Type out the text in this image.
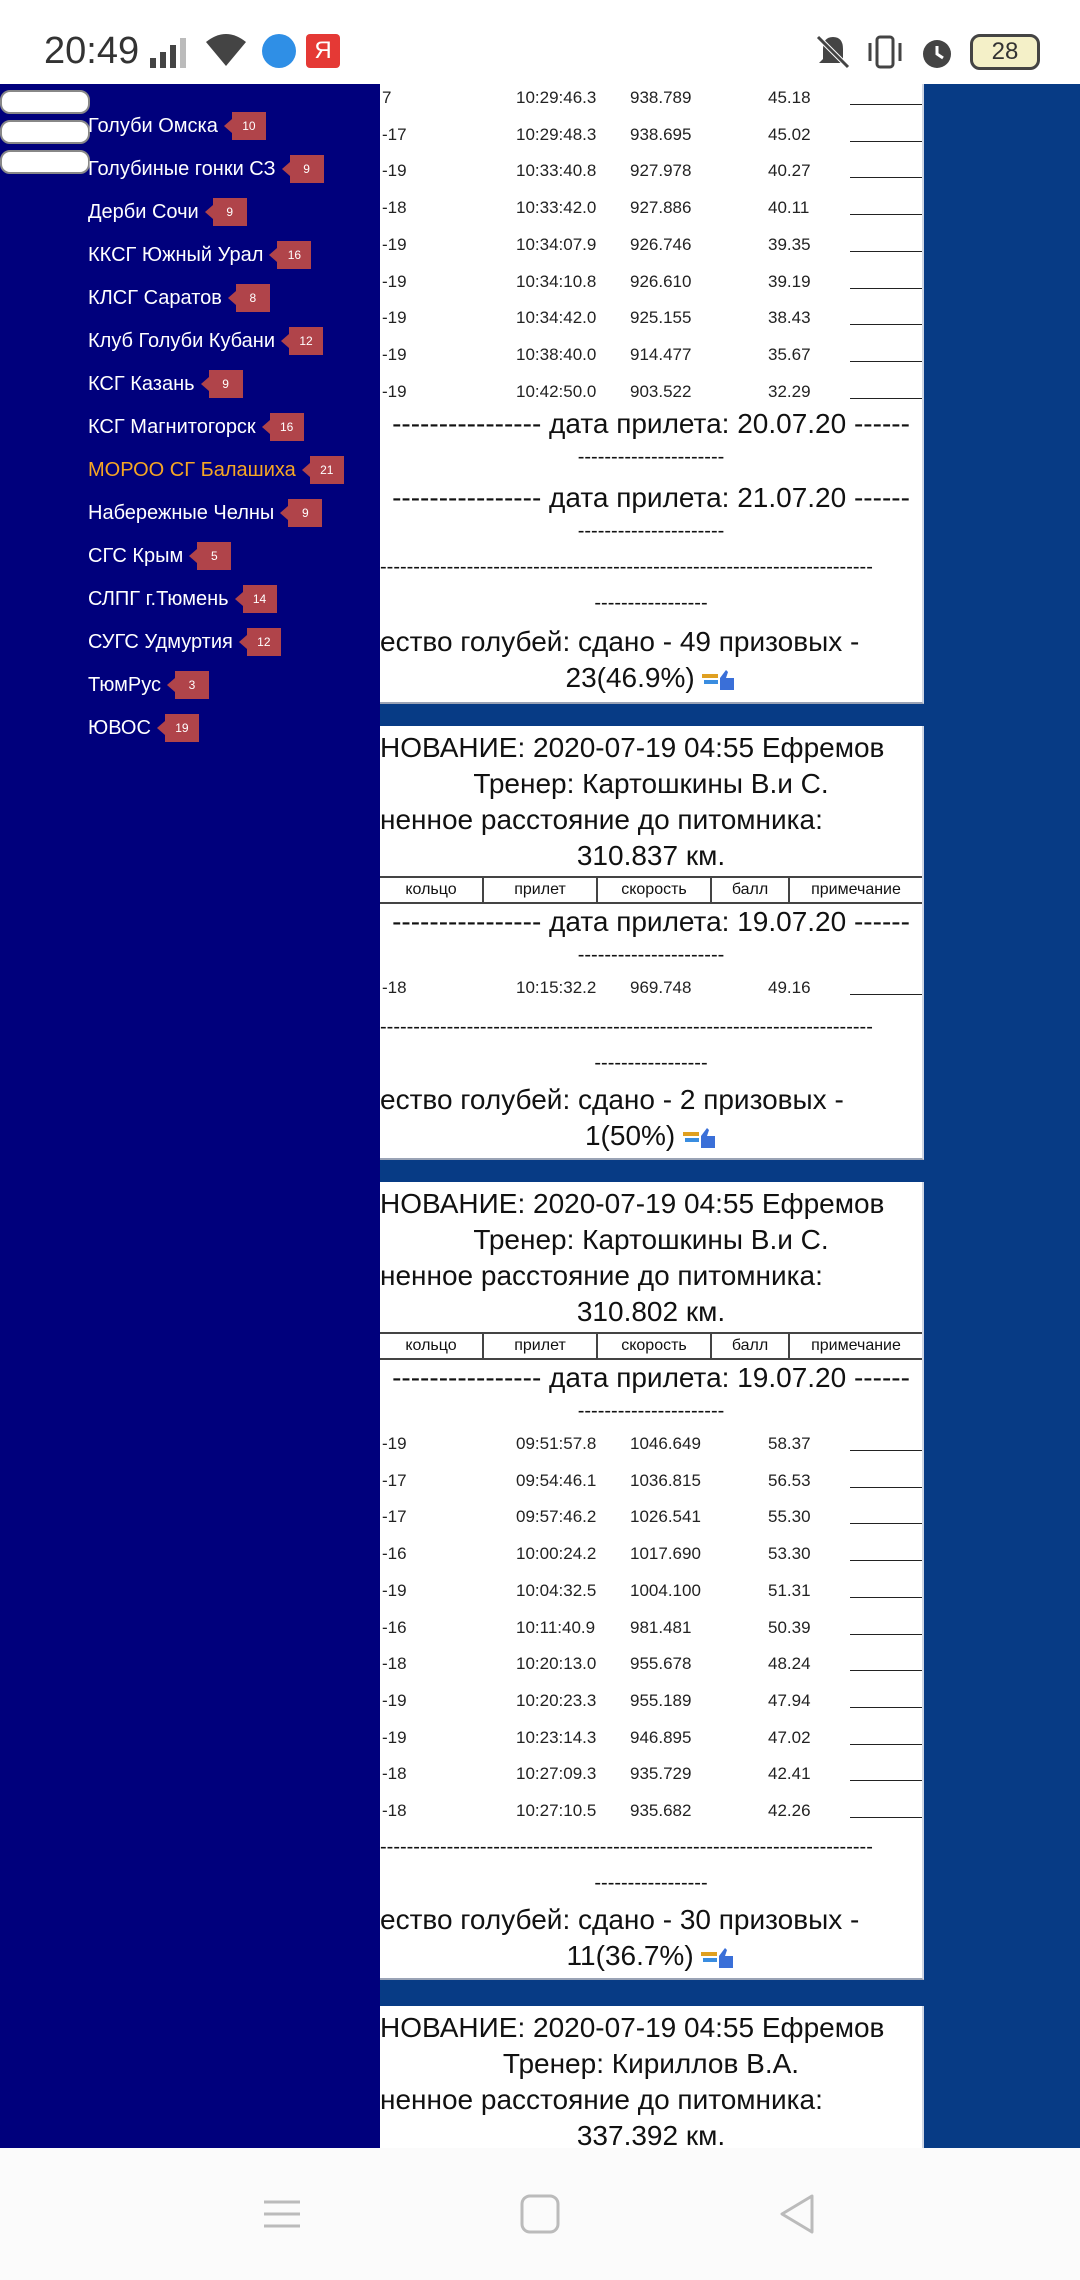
20:49	Я	28
7	10:29:46.3 938.789	45.18
-17	10:29:48.3 938.695	45.02
-19	10:33:40.8 927.978	40.27
-18	10:33:42.0 927.886	40.11
-19	10:34:07.9 926.746	39.35
-19	10:34:10.8 926.610	39.19
-19	10:34:42.0 925.155	38.43
-19	10:38:40.0 914.477	35.67
-19	10:42:50.0 903.522	32.29
---------------- дата прилета: 20.07.20 ------
----------------------
---------------- дата прилета: 21.07.20 ------
----------------------
--------------------------------------------------------------------------
-----------------
ество голубей: сдано - 49 призовых -
23(46.9%)
НОВАНИЕ: 2020-07-19 04:55 Ефремов
Тренер: Картошкины В.и С.
ненное расстояние до питомника:
310.837 км.
кольцо	прилет	скорость	балл	примечание
---------------- дата прилета: 19.07.20 ------
----------------------
-18	10:15:32.2 969.748	49.16
--------------------------------------------------------------------------
-----------------
ество голубей: сдано - 2 призовых -
1(50%)
НОВАНИЕ: 2020-07-19 04:55 Ефремов
Тренер: Картошкины В.и С.
ненное расстояние до питомника:
310.802 км.
кольцо	прилет	скорость	балл	примечание
---------------- дата прилета: 19.07.20 ------
----------------------
-19	09:51:57.8 1046.649	58.37
-17	09:54:46.1 1036.815	56.53
-17	09:57:46.2 1026.541	55.30
-16	10:00:24.2 1017.690	53.30
-19	10:04:32.5 1004.100	51.31
-16	10:11:40.9 981.481	50.39
-18	10:20:13.0 955.678	48.24
-19	10:20:23.3 955.189	47.94
-19	10:23:14.3 946.895	47.02
-18	10:27:09.3 935.729	42.41
-18	10:27:10.5 935.682	42.26
--------------------------------------------------------------------------
-----------------
ество голубей: сдано - 30 призовых -
11(36.7%)
НОВАНИЕ: 2020-07-19 04:55 Ефремов
Тренер: Кириллов В.А.
ненное расстояние до питомника:
337.392 км.
Голуби Омска	10
Голубиные гонки СЗ	9
Дерби Сочи	9
ККСГ Южный Урал	16
КЛСГ Саратов	8
Клуб Голуби Кубани	12
КСГ Казань	9
КСГ Магнитогорск	16
МОРОО СГ Балашиха	21
Набережные Челны	9
СГС Крым	5
СЛПГ г.Тюмень	14
СУГС Удмуртия	12
ТюмРус	3
ЮВОС	19
